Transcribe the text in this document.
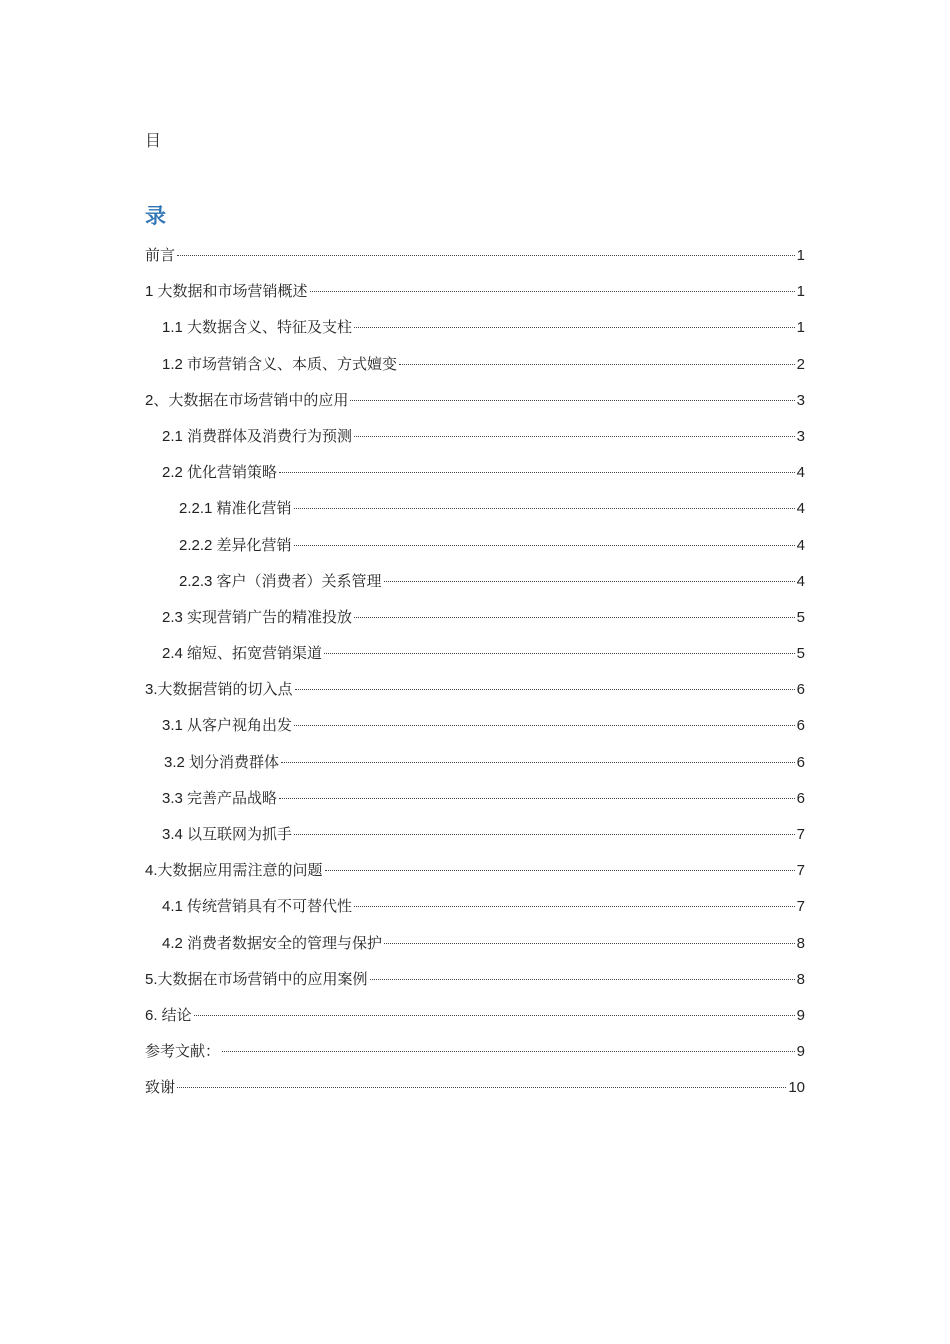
目
录
前言	1
1 大数据和市场营销概述	1
1.1 大数据含义、特征及支柱	1
1.2 市场营销含义、本质、方式嬗变	2
2、大数据在市场营销中的应用	3
2.1 消费群体及消费行为预测	3
2.2 优化营销策略	4
2.2.1 精准化营销	4
2.2.2 差异化营销	4
2.2.3 客户（消费者）关系管理	4
2.3 实现营销广告的精准投放	5
2.4 缩短、拓宽营销渠道	5
3.大数据营销的切入点	6
3.1 从客户视角出发	6
3.2 划分消费群体	6
3.3 完善产品战略	6
3.4 以互联网为抓手	7
4.大数据应用需注意的问题	7
4.1 传统营销具有不可替代性	7
4.2 消费者数据安全的管理与保护	8
5.大数据在市场营销中的应用案例	8
6. 结论	9
参考文献：	9
致谢	10
